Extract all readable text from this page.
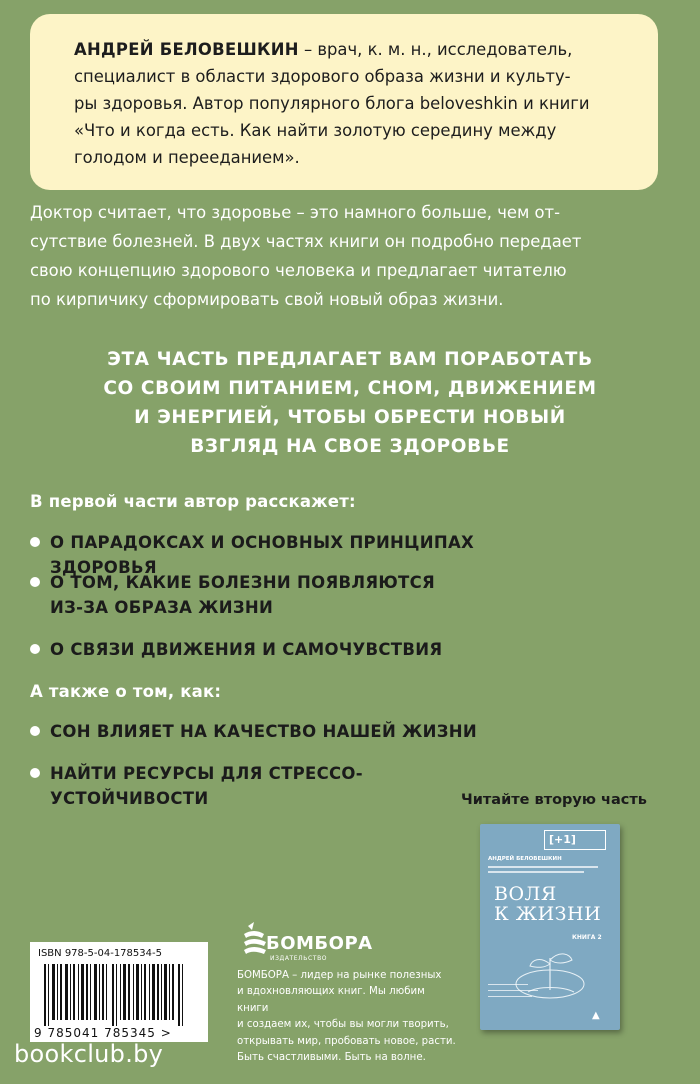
АНДРЕЙ БЕЛОВЕШКИН – врач, к. м. н., исследователь,
специалист в области здорового образа жизни и культу-
ры здоровья. Автор популярного блога beloveshkin и книги
«Что и когда есть. Как найти золотую середину между
голодом и перееданием».
Доктор считает, что здоровье – это намного больше, чем от-
сутствие болезней. В двух частях книги он подробно передает
свою концепцию здорового человека и предлагает читателю
по кирпичику сформировать свой новый образ жизни.
ЭТА ЧАСТЬ ПРЕДЛАГАЕТ ВАМ ПОРАБОТАТЬ
СО СВОИМ ПИТАНИЕМ, СНОМ, ДВИЖЕНИЕМ
И ЭНЕРГИЕЙ, ЧТОБЫ ОБРЕСТИ НОВЫЙ
ВЗГЛЯД НА СВОЕ ЗДОРОВЬЕ
В первой части автор расскажет:
О ПАРАДОКСАХ И ОСНОВНЫХ ПРИНЦИПАХ ЗДОРОВЬЯ
О ТОМ, КАКИЕ БОЛЕЗНИ ПОЯВЛЯЮТСЯ
ИЗ-ЗА ОБРАЗА ЖИЗНИ
О СВЯЗИ ДВИЖЕНИЯ И САМОЧУВСТВИЯ
А также о том, как:
СОН ВЛИЯЕТ НА КАЧЕСТВО НАШЕЙ ЖИЗНИ
НАЙТИ РЕСУРСЫ ДЛЯ СТРЕССО-
УСТОЙЧИВОСТИ	Читайте вторую часть
[+1]
АНДРЕЙ БЕЛОВЕШКИН
ВОЛЯ
К ЖИЗНИ
КНИГА 2
▲
ISBN 978-5-04-178534-5
9 785041 785345 >
БОМБОРА
ИЗДАТЕЛЬСТВО
БОМБОРА – лидер на рынке полезных
и вдохновляющих книг. Мы любим книги
и создаем их, чтобы вы могли творить,
открывать мир, пробовать новое, расти.
Быть счастливыми. Быть на волне.
bookclub.by
